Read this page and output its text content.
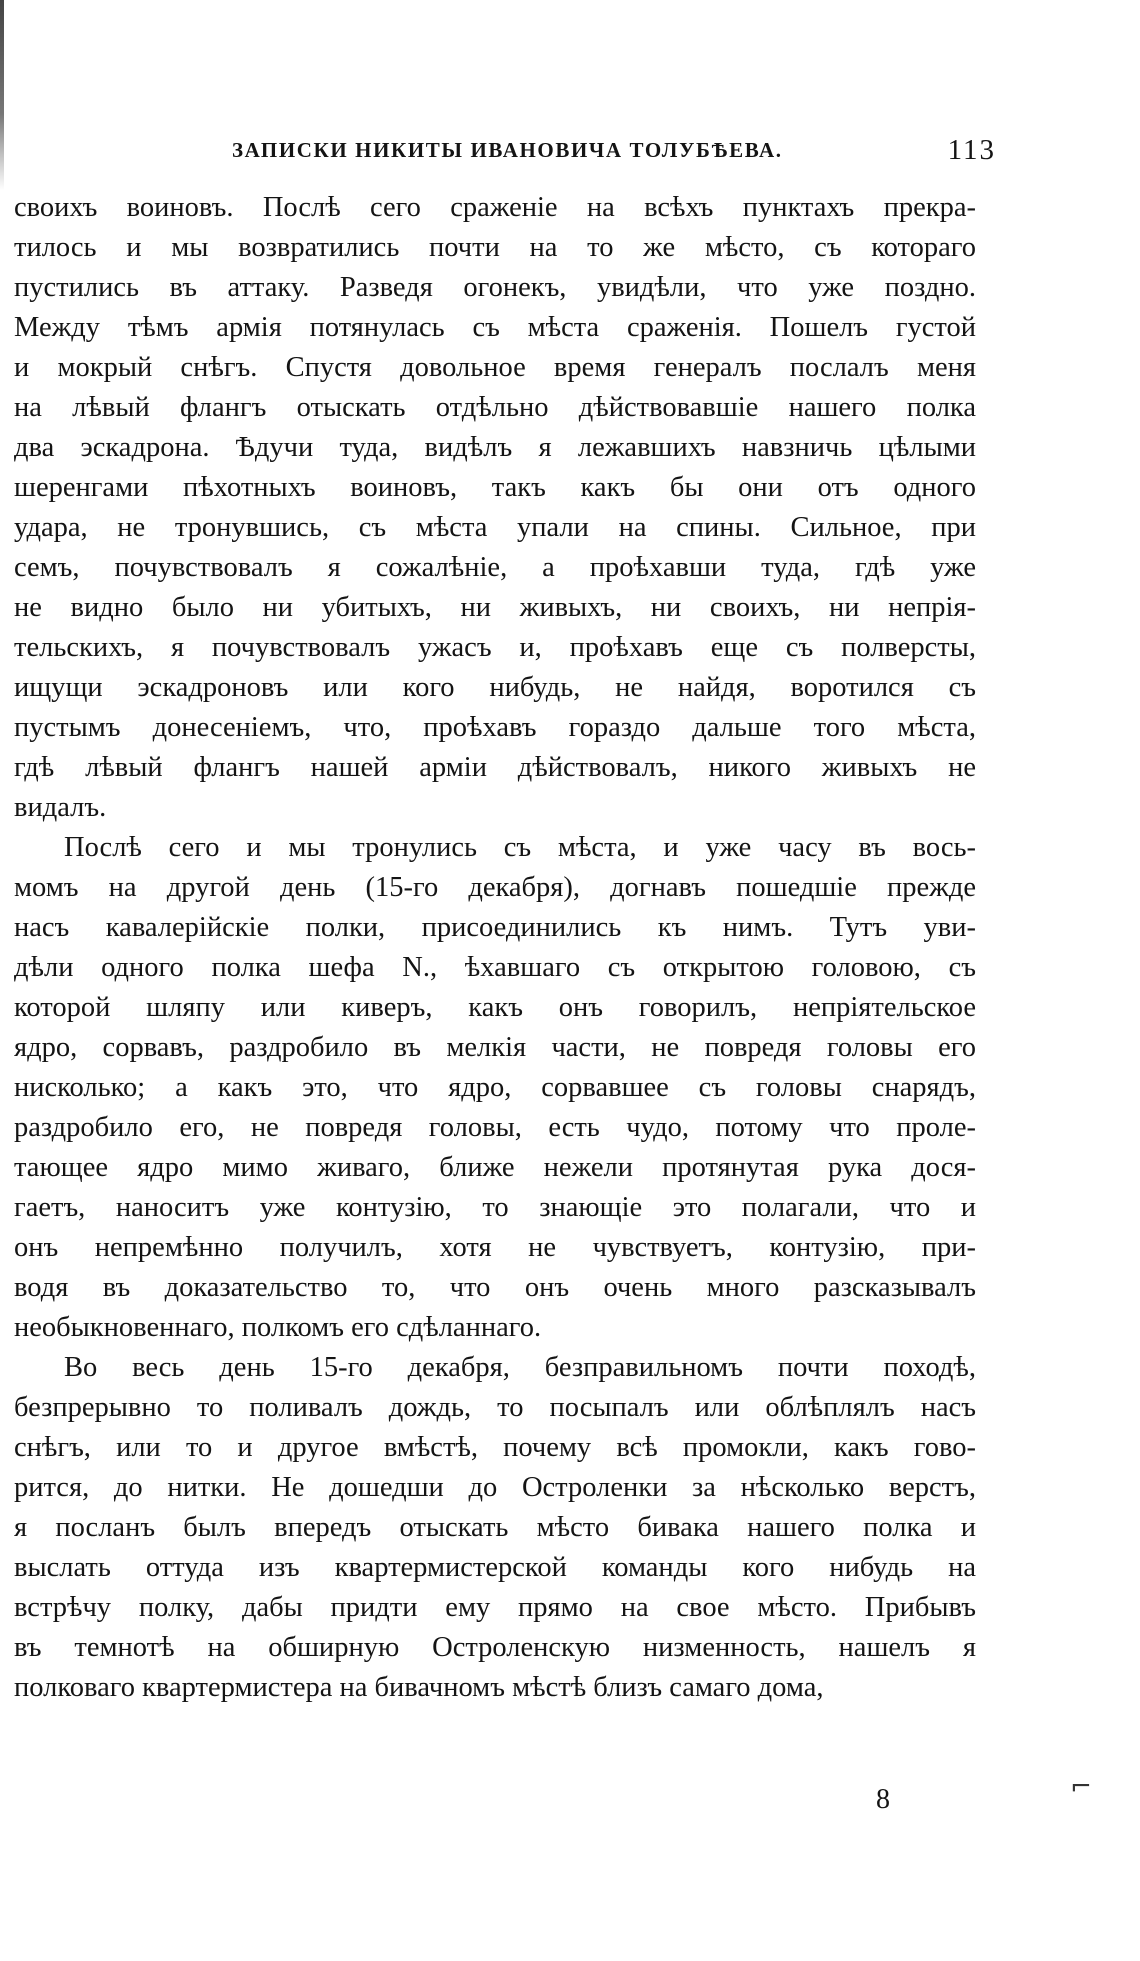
ЗАПИСКИ НИКИТЫ ИВАНОВИЧА ТОЛУБѢЕВА.	113
своихъ воиновъ. Послѣ сего сраженіе на всѣхъ пунктахъ прекра-
тилось и мы возвратились почти на то же мѣсто, съ котораго
пустились въ аттаку. Разведя огонекъ, увидѣли, что уже поздно.
Между тѣмъ армія потянулась съ мѣста сраженія. Пошелъ густой
и мокрый снѣгъ. Спустя довольное время генералъ послалъ меня
на лѣвый флангъ отыскать отдѣльно дѣйствовавшіе нашего полка
два эскадрона. Ѣдучи туда, видѣлъ я лежавшихъ навзничь цѣлыми
шеренгами пѣхотныхъ воиновъ, такъ какъ бы они отъ одного
удара, не тронувшись, съ мѣста упали на спины. Сильное, при
семъ, почувствовалъ я сожалѣніе, а проѣхавши туда, гдѣ уже
не видно было ни убитыхъ, ни живыхъ, ни своихъ, ни непрія-
тельскихъ, я почувствовалъ ужасъ и, проѣхавъ еще съ полверсты,
ищущи эскадроновъ или кого нибудь, не найдя, воротился съ
пустымъ донесеніемъ, что, проѣхавъ гораздо дальше того мѣста,
гдѣ лѣвый флангъ нашей арміи дѣйствовалъ, никого живыхъ не
видалъ.
Послѣ сего и мы тронулись съ мѣста, и уже часу въ вось-
момъ на другой день (15-го декабря), догнавъ пошедшіе прежде
насъ кавалерійскіе полки, присоединились къ нимъ. Тутъ уви-
дѣли одного полка шефа N., ѣхавшаго съ открытою головою, съ
которой шляпу или киверъ, какъ онъ говорилъ, непріятельское
ядро, сорвавъ, раздробило въ мелкія части, не повредя головы его
нисколько; а какъ это, что ядро, сорвавшее съ головы снарядъ,
раздробило его, не повредя головы, есть чудо, потому что проле-
тающее ядро мимо живаго, ближе нежели протянутая рука дося-
гаетъ, наноситъ уже контузію, то знающіе это полагали, что и
онъ непремѣнно получилъ, хотя не чувствуетъ, контузію, при-
водя въ доказательство то, что онъ очень много разсказывалъ
необыкновеннаго, полкомъ его сдѣланнаго.
Во весь день 15-го декабря, безправильномъ почти походѣ,
безпрерывно то поливалъ дождь, то посыпалъ или облѣплялъ насъ
снѣгъ, или то и другое вмѣстѣ, почему всѣ промокли, какъ гово-
рится, до нитки. Не дошедши до Остроленки за нѣсколько верстъ,
я посланъ былъ впередъ отыскать мѣсто бивака нашего полка и
выслать оттуда изъ квартермистерской команды кого нибудь на
встрѣчу полку, дабы придти ему прямо на свое мѣсто. Прибывъ
въ темнотѣ на обширную Остроленскую низменность, нашелъ я
полковаго квартермистера на бивачномъ мѣстѣ близъ самаго дома,
⌐
8
